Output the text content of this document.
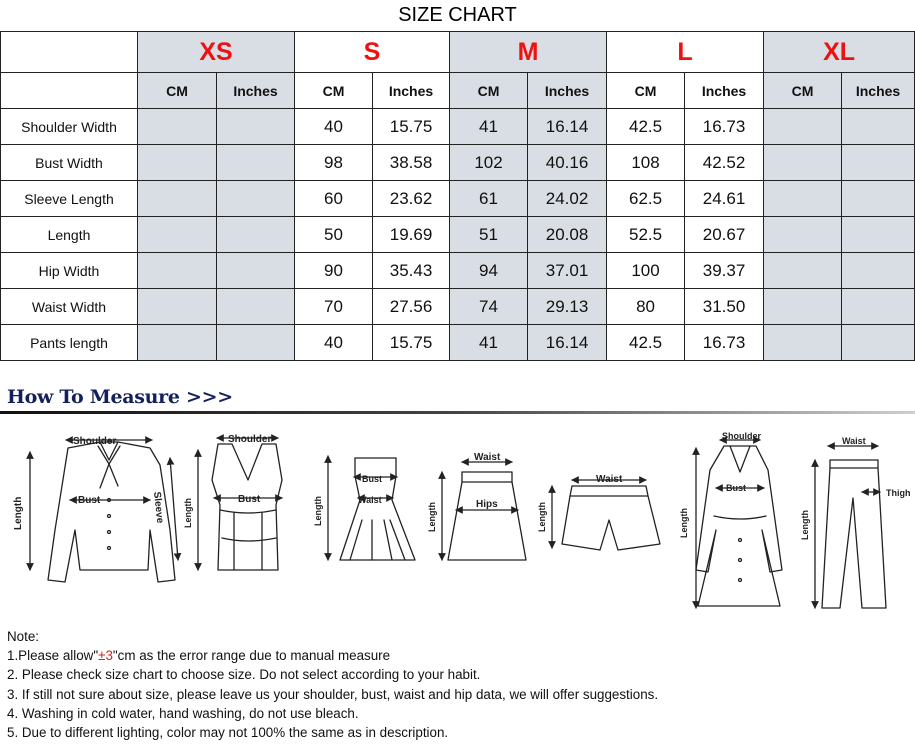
SIZE CHART
	XS		S		M		L		XL	
	CM	Inches	CM	Inches	CM	Inches	CM	Inches	CM	Inches
Shoulder Width			40	15.75	41	16.14	42.5	16.73		
Bust Width			98	38.58	102	40.16	108	42.52		
Sleeve Length			60	23.62	61	24.02	62.5	24.61		
Length			50	19.69	51	20.08	52.5	20.67		
Hip Width			90	35.43	94	37.01	100	39.37		
Waist Width			70	27.56	74	29.13	80	31.50		
Pants length			40	15.75	41	16.14	42.5	16.73		
How To Measure >>>
Shoulder
Bust
Length	Sleeve
Shoulder
Bust
Length
Bust
Waist
Length
Waist
Hips
Length
Waist
Length
Shoulder
Bust
Length
Waist
Thigh
Length
Note:
1.Please allow"±3"cm as the error range due to manual measure
2. Please check size chart to choose size. Do not select according to your habit.
3. If still not sure about size, please leave us your shoulder, bust, waist and hip data, we will offer suggestions.
4. Washing in cold water, hand washing, do not use bleach.
5. Due to different lighting, color may not 100% the same as in description.
